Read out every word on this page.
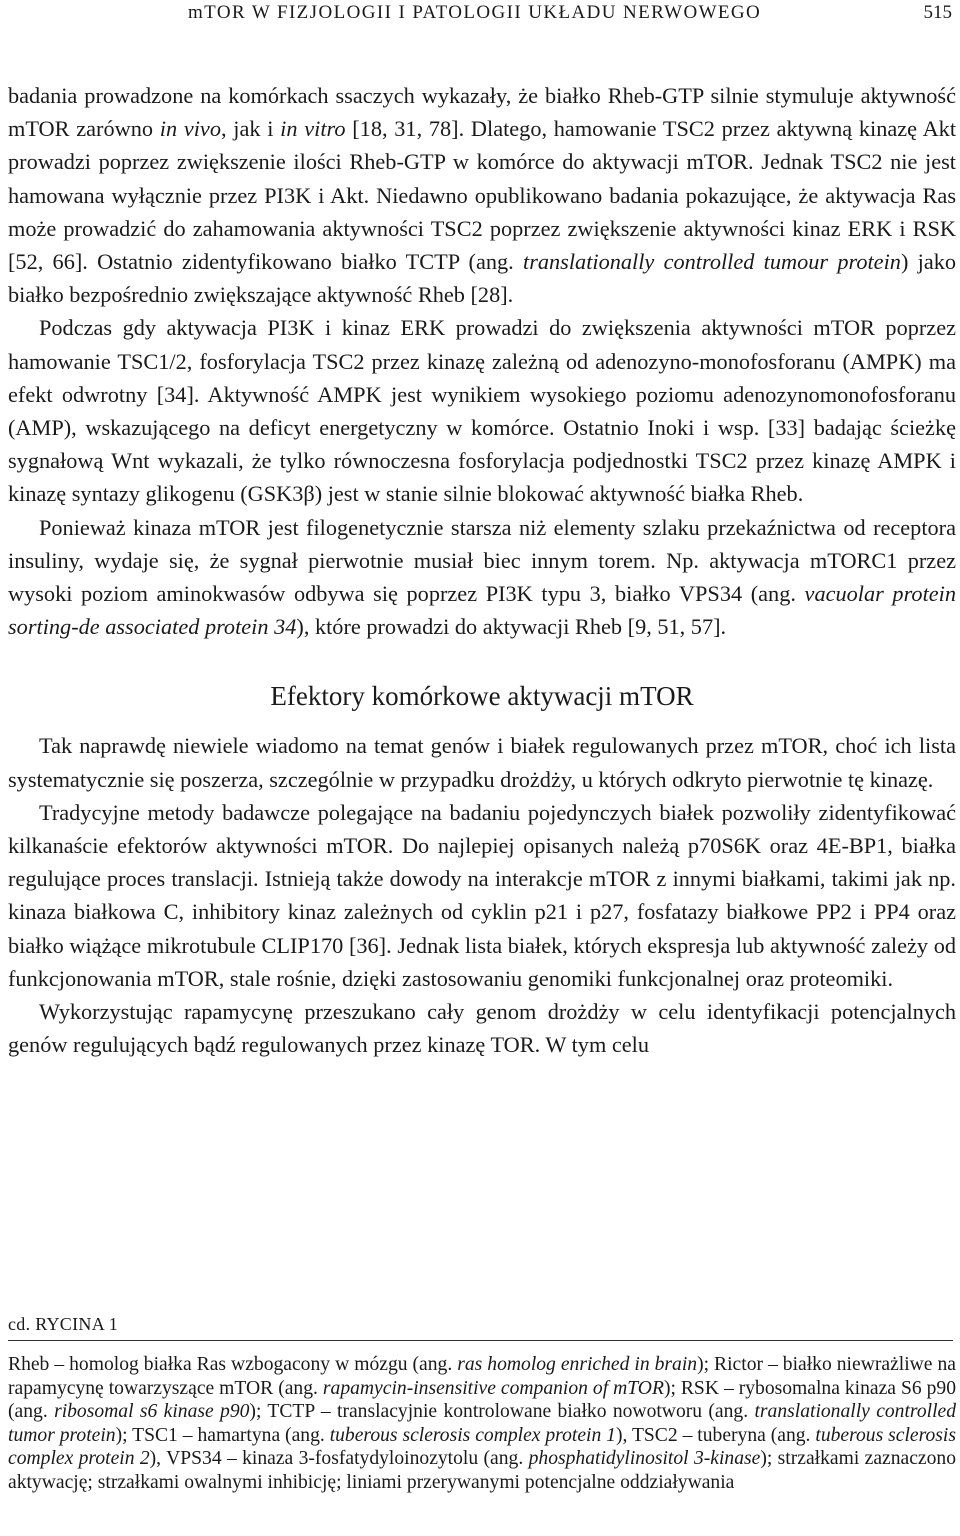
mTOR W FIZJOLOGII I PATOLOGII UKŁADU NERWOWEGO	515

badania prowadzone na komórkach ssaczych wykazały, że białko Rheb-GTP silnie stymuluje aktywność mTOR zarówno in vivo, jak i in vitro [18, 31, 78]. Dlatego, hamowanie TSC2 przez aktywną kinazę Akt prowadzi poprzez zwiększenie ilości Rheb-GTP w komórce do aktywacji mTOR. Jednak TSC2 nie jest hamowana wyłącznie przez PI3K i Akt. Niedawno opublikowano badania pokazujące, że aktywacja Ras może prowadzić do zahamowania aktywności TSC2 poprzez zwiększenie aktywności kinaz ERK i RSK [52, 66]. Ostatnio zidentyfikowano białko TCTP (ang. translationally controlled tumour protein) jako białko bezpośrednio zwiększające aktywność Rheb [28].

Podczas gdy aktywacja PI3K i kinaz ERK prowadzi do zwiększenia aktywności mTOR poprzez hamowanie TSC1/2, fosforylacja TSC2 przez kinazę zależną od adenozyno-monofosforanu (AMPK) ma efekt odwrotny [34]. Aktywność AMPK jest wynikiem wysokiego poziomu adenozynomonofosforanu (AMP), wskazującego na deficyt energetyczny w komórce. Ostatnio Inoki i wsp. [33] badając ścieżkę sygnałową Wnt wykazali, że tylko równoczesna fosforylacja podjednostki TSC2 przez kinazę AMPK i kinazę syntazy glikogenu (GSK3β) jest w stanie silnie blokować aktywność białka Rheb.

Ponieważ kinaza mTOR jest filogenetycznie starsza niż elementy szlaku przekaźnictwa od receptora insuliny, wydaje się, że sygnał pierwotnie musiał biec innym torem. Np. aktywacja mTORC1 przez wysoki poziom aminokwasów odbywa się poprzez PI3K typu 3, białko VPS34 (ang. vacuolar protein sorting-de associated protein 34), które prowadzi do aktywacji Rheb [9, 51, 57].

Efektory komórkowe aktywacji mTOR

Tak naprawdę niewiele wiadomo na temat genów i białek regulowanych przez mTOR, choć ich lista systematycznie się poszerza, szczególnie w przypadku drożdży, u których odkryto pierwotnie tę kinazę.

Tradycyjne metody badawcze polegające na badaniu pojedynczych białek pozwoliły zidentyfikować kilkanaście efektorów aktywności mTOR. Do najlepiej opisanych należą p70S6K oraz 4E-BP1, białka regulujące proces translacji. Istnieją także dowody na interakcje mTOR z innymi białkami, takimi jak np. kinaza białkowa C, inhibitory kinaz zależnych od cyklin p21 i p27, fosfatazy białkowe PP2 i PP4 oraz białko wiążące mikrotubule CLIP170 [36]. Jednak lista białek, których ekspresja lub aktywność zależy od funkcjonowania mTOR, stale rośnie, dzięki zastosowaniu genomiki funkcjonalnej oraz proteomiki.

Wykorzystując rapamycynę przeszukano cały genom drożdży w celu identyfikacji potencjalnych genów regulujących bądź regulowanych przez kinazę TOR. W tym celu

cd. RYCINA 1

Rheb – homolog białka Ras wzbogacony w mózgu (ang. ras homolog enriched in brain); Rictor – białko niewrażliwe na rapamycynę towarzyszące mTOR (ang. rapamycin-insensitive companion of mTOR); RSK – rybosomalna kinaza S6 p90 (ang. ribosomal s6 kinase p90); TCTP – translacyjnie kontrolowane białko nowotworu (ang. translationally controlled tumor protein); TSC1 – hamartyna (ang. tuberous sclerosis complex protein 1), TSC2 – tuberyna (ang. tuberous sclerosis complex protein 2), VPS34 – kinaza 3-fosfatydyloinozytolu (ang. phosphatidylinositol 3-kinase); strzałkami zaznaczono aktywację; strzałkami owalnymi inhibicję; liniami przerywanymi potencjalne oddziaływania
